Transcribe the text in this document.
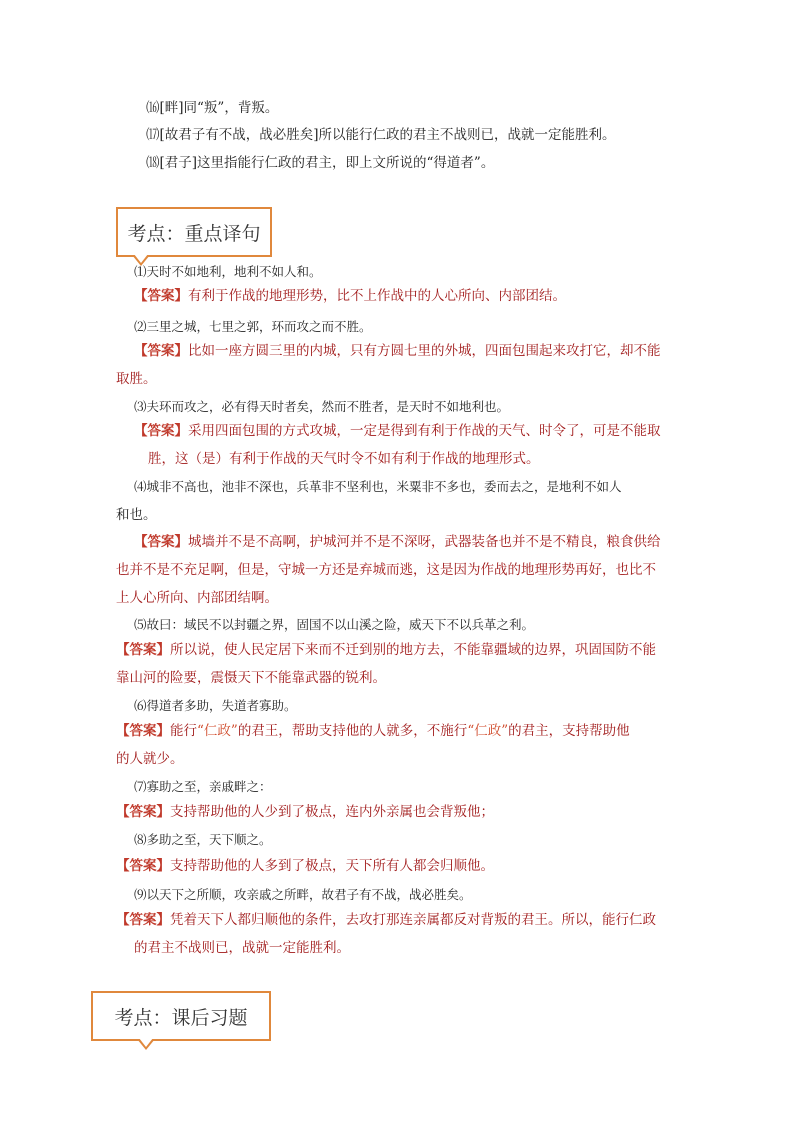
⒃[畔]同“叛”，背叛。
⒄[故君子有不战，战必胜矣]所以能行仁政的君主不战则已，战就一定能胜利。
⒅[君子]这里指能行仁政的君主，即上文所说的“得道者”。
考点：重点译句
⑴天时不如地利，地利不如人和。
【答案】有利于作战的地理形势，比不上作战中的人心所向、内部团结。
⑵三里之城，七里之郭，环而攻之而不胜。
【答案】比如一座方圆三里的内城，只有方圆七里的外城，四面包围起来攻打它，却不能
取胜。
⑶夫环而攻之，必有得天时者矣，然而不胜者，是天时不如地利也。
【答案】采用四面包围的方式攻城，一定是得到有利于作战的天气、时令了，可是不能取
胜，这（是）有利于作战的天气时令不如有利于作战的地理形式。
⑷城非不高也，池非不深也，兵革非不坚利也，米粟非不多也，委而去之，是地利不如人
和也。
【答案】城墙并不是不高啊，护城河并不是不深呀，武器装备也并不是不精良，粮食供给
也并不是不充足啊，但是，守城一方还是弃城而逃，这是因为作战的地理形势再好，也比不
上人心所向、内部团结啊。
⑸故曰：域民不以封疆之界，固国不以山溪之险，威天下不以兵革之利。
【答案】所以说，使人民定居下来而不迁到别的地方去，不能靠疆域的边界，巩固国防不能
靠山河的险要，震慑天下不能靠武器的锐利。
⑹得道者多助，失道者寡助。
【答案】能行“仁政”的君王，帮助支持他的人就多，不施行“仁政”的君主，支持帮助他
的人就少。
⑺寡助之至，亲戚畔之：
【答案】支持帮助他的人少到了极点，连内外亲属也会背叛他；
⑻多助之至，天下顺之。
【答案】支持帮助他的人多到了极点，天下所有人都会归顺他。
⑼以天下之所顺，攻亲戚之所畔，故君子有不战，战必胜矣。
【答案】凭着天下人都归顺他的条件，去攻打那连亲属都反对背叛的君王。所以，能行仁政
的君主不战则已，战就一定能胜利。
考点：课后习题
